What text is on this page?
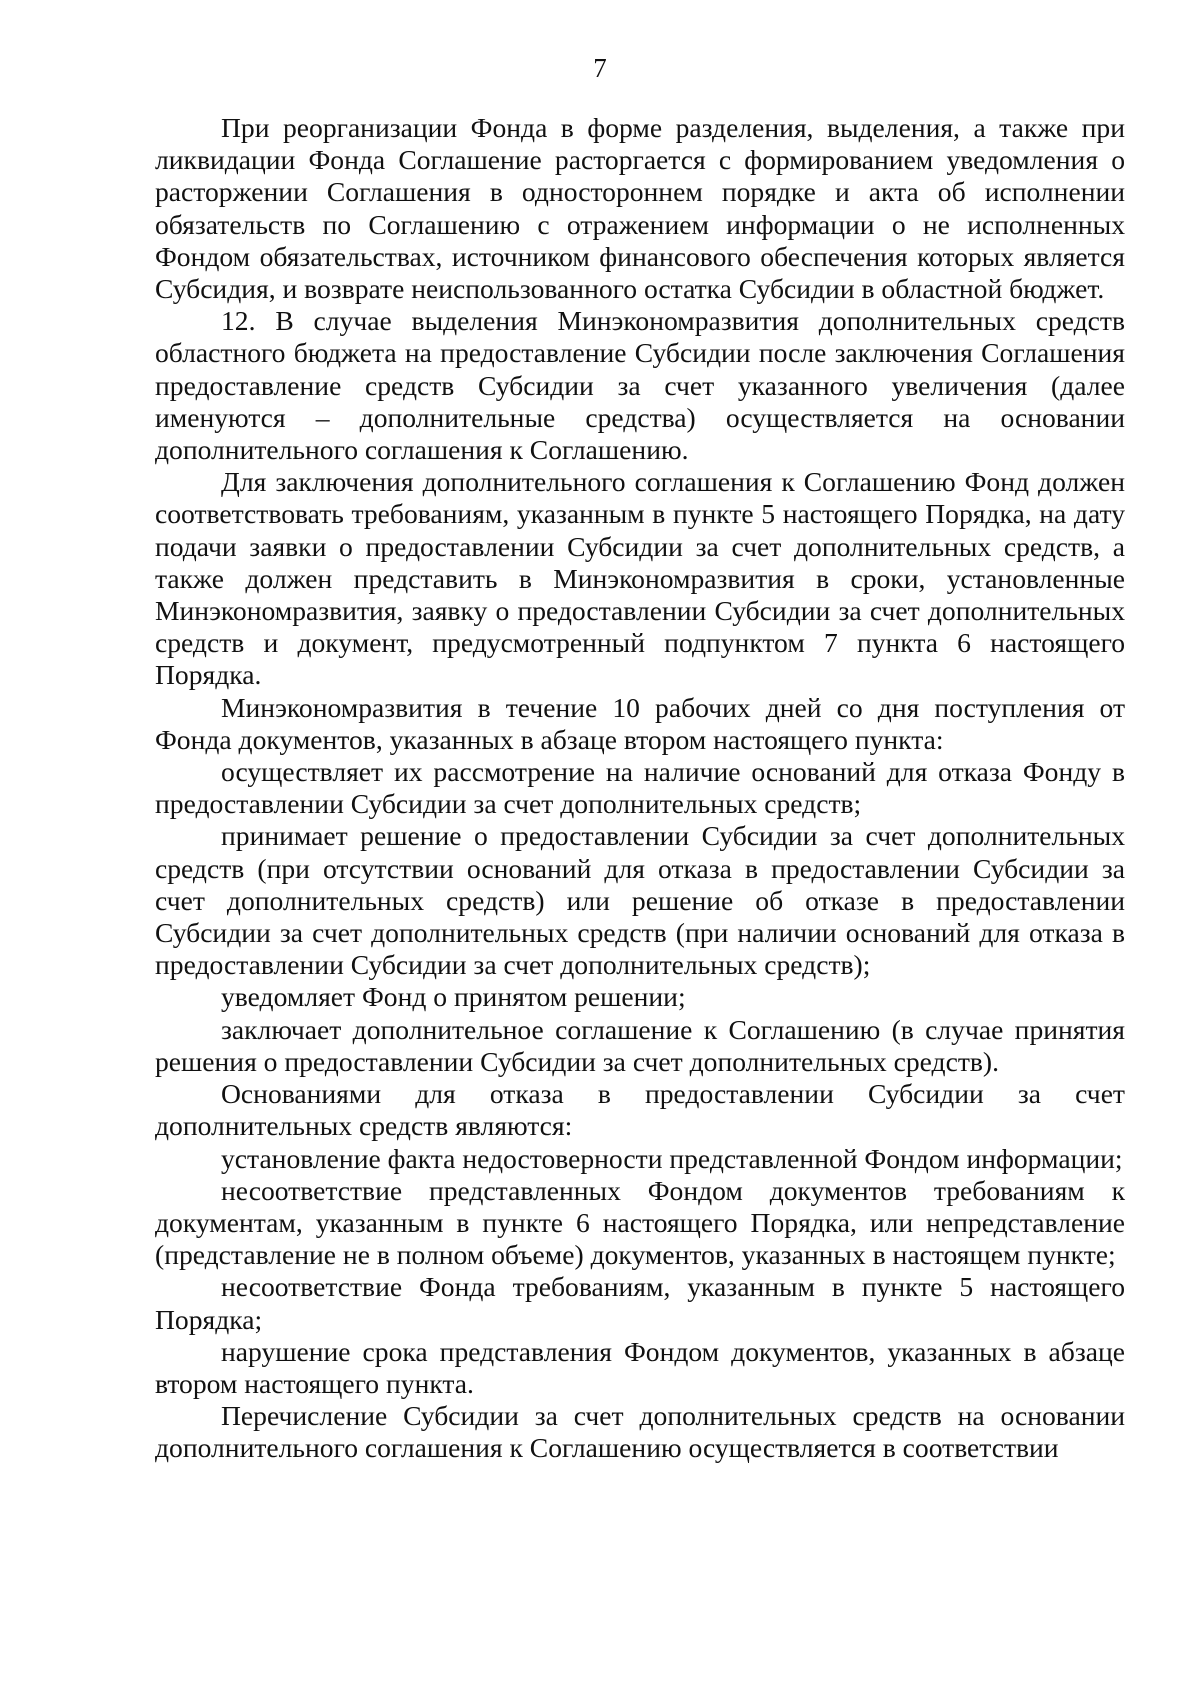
7

При реорганизации Фонда в форме разделения, выделения, а также при ликвидации Фонда Соглашение расторгается с формированием уведомления о расторжении Соглашения в одностороннем порядке и акта об исполнении обязательств по Соглашению с отражением информации о не исполненных Фондом обязательствах, источником финансового обеспечения которых является Субсидия, и возврате неиспользованного остатка Субсидии в областной бюджет.

12. В случае выделения Минэкономразвития дополнительных средств областного бюджета на предоставление Субсидии после заключения Соглашения предоставление средств Субсидии за счет указанного увеличения (далее именуются – дополнительные средства) осуществляется на основании дополнительного соглашения к Соглашению.

Для заключения дополнительного соглашения к Соглашению Фонд должен соответствовать требованиям, указанным в пункте 5 настоящего Порядка, на дату подачи заявки о предоставлении Субсидии за счет дополнительных средств, а также должен представить в Минэкономразвития в сроки, установленные Минэкономразвития, заявку о предоставлении Субсидии за счет дополнительных средств и документ, предусмотренный подпунктом 7 пункта 6 настоящего Порядка.

Минэкономразвития в течение 10 рабочих дней со дня поступления от Фонда документов, указанных в абзаце втором настоящего пункта:

осуществляет их рассмотрение на наличие оснований для отказа Фонду в предоставлении Субсидии за счет дополнительных средств;

принимает решение о предоставлении Субсидии за счет дополнительных средств (при отсутствии оснований для отказа в предоставлении Субсидии за счет дополнительных средств) или решение об отказе в предоставлении Субсидии за счет дополнительных средств (при наличии оснований для отказа в предоставлении Субсидии за счет дополнительных средств);

уведомляет Фонд о принятом решении;

заключает дополнительное соглашение к Соглашению (в случае принятия решения о предоставлении Субсидии за счет дополнительных средств).

Основаниями для отказа в предоставлении Субсидии за счет дополнительных средств являются:

установление факта недостоверности представленной Фондом информации;

несоответствие представленных Фондом документов требованиям к документам, указанным в пункте 6 настоящего Порядка, или непредставление (представление не в полном объеме) документов, указанных в настоящем пункте;

несоответствие Фонда требованиям, указанным в пункте 5 настоящего Порядка;

нарушение срока представления Фондом документов, указанных в абзаце втором настоящего пункта.

Перечисление Субсидии за счет дополнительных средств на основании дополнительного соглашения к Соглашению осуществляется в соответствии
